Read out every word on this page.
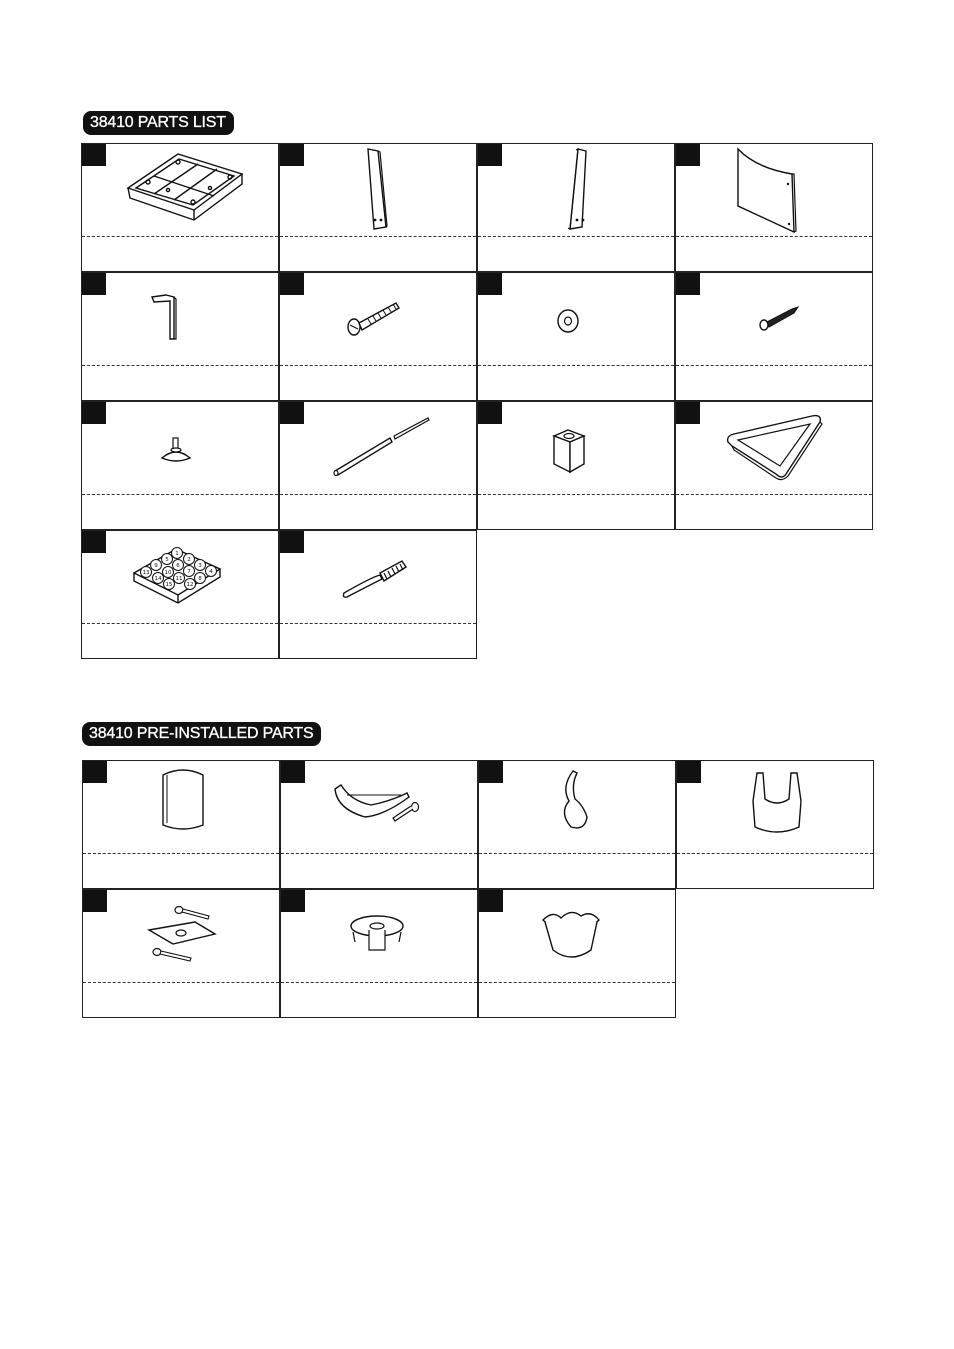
38410 PARTS LIST
1
5	2
9	6	3
13	10	7	4
14	11	8
15	12
38410 PRE-INSTALLED PARTS
